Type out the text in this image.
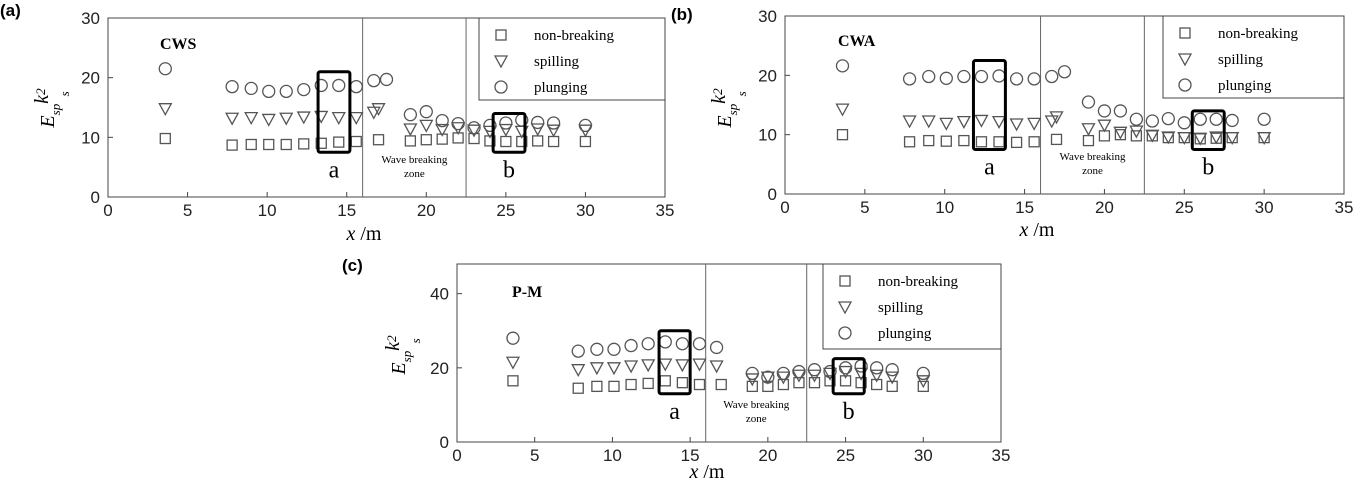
Wave breaking
zone
0	5	10	15	20	25	30	35
0
10
20
30
x /m
$E_{sp}k2$ s
CWS	non-breaking
spilling
plunging
a	b
(a)
Wave breaking
zone
0	5	10	15	20	25	30	35
0
10
20
30
x /m
$E_{sp}k2$ s
CWA	non-breaking
spilling
plunging
a	b
(b)
Wave breaking
zone
0	5	10	15	20	25	30	35
0
20
40
x /m
$E_{sp}k2$ s
P-M
non-breaking
spilling
plunging
a	b
(c)
